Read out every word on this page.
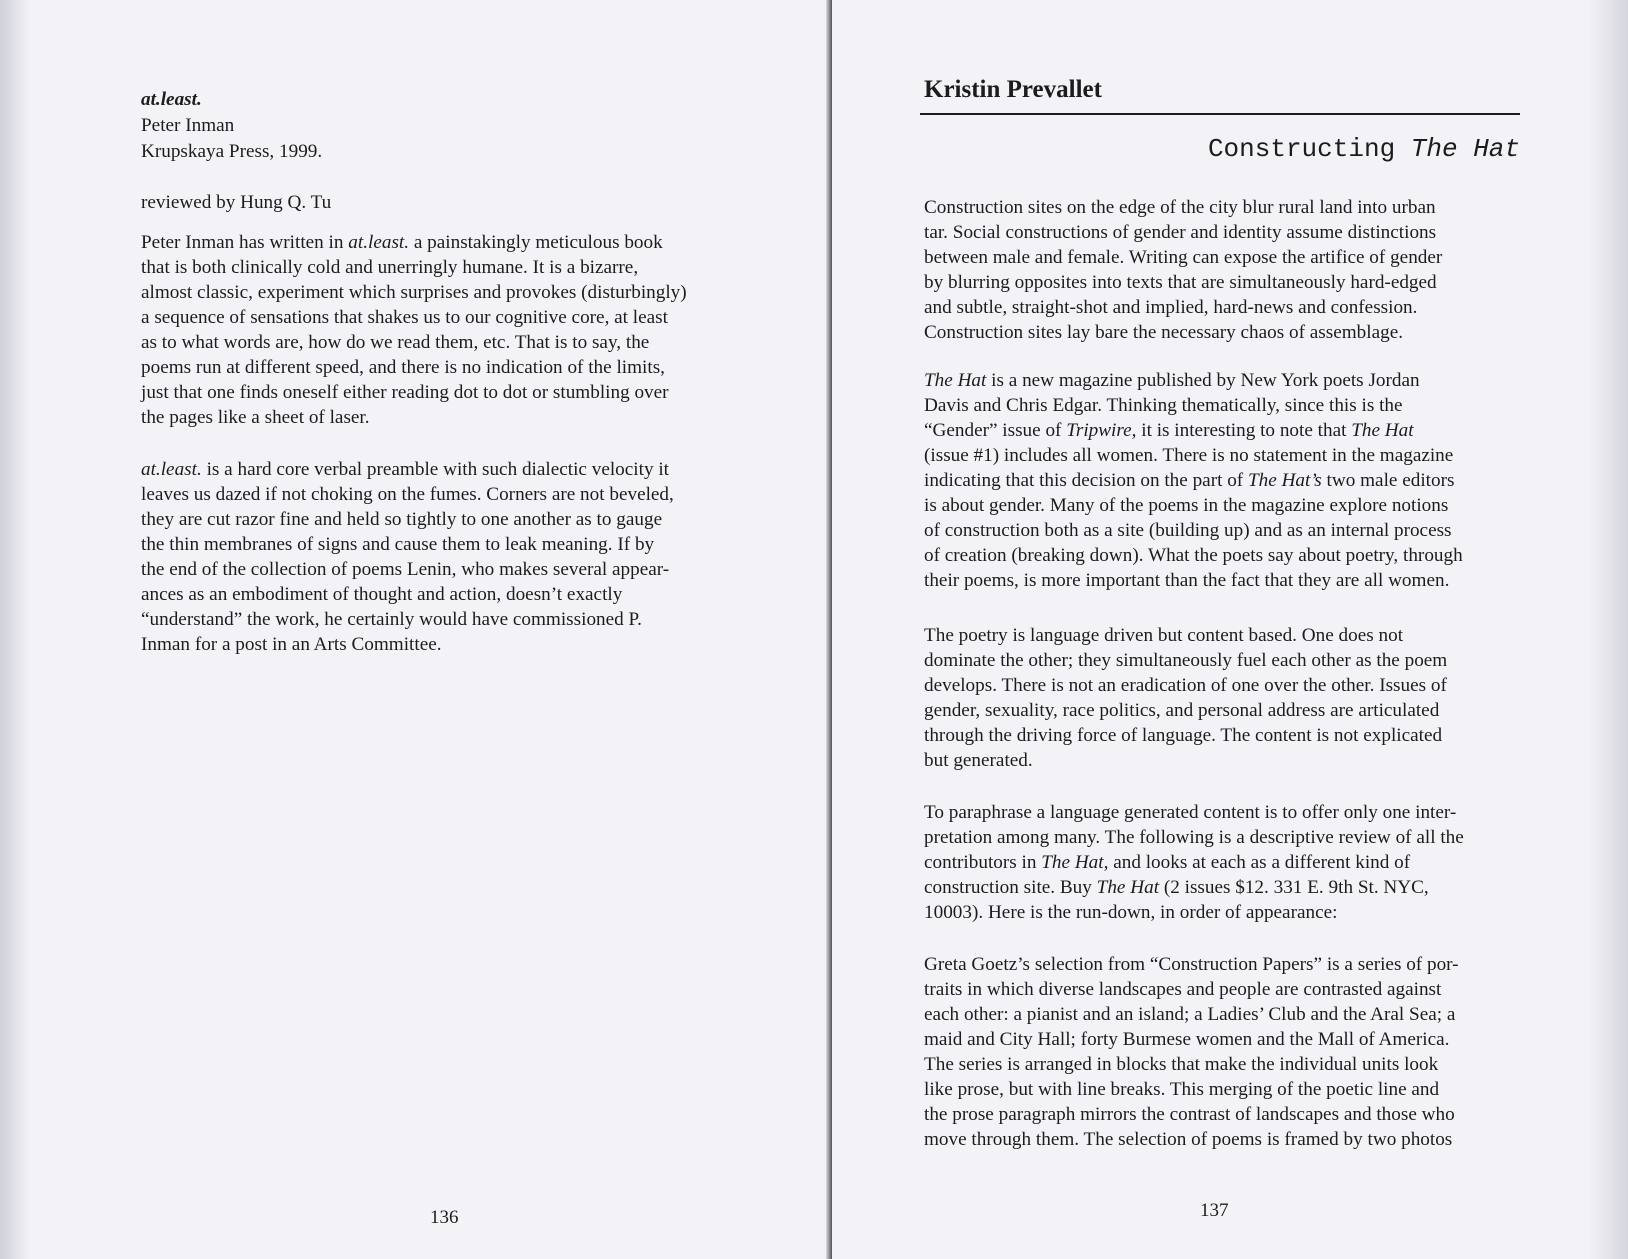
at.least.
Peter Inman
Krupskaya Press, 1999.
reviewed by Hung Q. Tu
Peter Inman has written in at.least. a painstakingly meticulous book
that is both clinically cold and unerringly humane. It is a bizarre,
almost classic, experiment which surprises and provokes (disturbingly)
a sequence of sensations that shakes us to our cognitive core, at least
as to what words are, how do we read them, etc. That is to say, the
poems run at different speed, and there is no indication of the limits,
just that one finds oneself either reading dot to dot or stumbling over
the pages like a sheet of laser.
at.least. is a hard core verbal preamble with such dialectic velocity it
leaves us dazed if not choking on the fumes. Corners are not beveled,
they are cut razor fine and held so tightly to one another as to gauge
the thin membranes of signs and cause them to leak meaning. If by
the end of the collection of poems Lenin, who makes several appear-
ances as an embodiment of thought and action, doesn’t exactly
“understand” the work, he certainly would have commissioned P.
Inman for a post in an Arts Committee.
136
Kristin Prevallet
Constructing The Hat
Construction sites on the edge of the city blur rural land into urban
tar. Social constructions of gender and identity assume distinctions
between male and female. Writing can expose the artifice of gender
by blurring opposites into texts that are simultaneously hard-edged
and subtle, straight-shot and implied, hard-news and confession.
Construction sites lay bare the necessary chaos of assemblage.
The Hat is a new magazine published by New York poets Jordan
Davis and Chris Edgar. Thinking thematically, since this is the
“Gender” issue of Tripwire, it is interesting to note that The Hat
(issue #1) includes all women. There is no statement in the magazine
indicating that this decision on the part of The Hat’s two male editors
is about gender. Many of the poems in the magazine explore notions
of construction both as a site (building up) and as an internal process
of creation (breaking down). What the poets say about poetry, through
their poems, is more important than the fact that they are all women.
The poetry is language driven but content based. One does not
dominate the other; they simultaneously fuel each other as the poem
develops. There is not an eradication of one over the other. Issues of
gender, sexuality, race politics, and personal address are articulated
through the driving force of language. The content is not explicated
but generated.
To paraphrase a language generated content is to offer only one inter-
pretation among many. The following is a descriptive review of all the
contributors in The Hat, and looks at each as a different kind of
construction site. Buy The Hat (2 issues $12. 331 E. 9th St. NYC,
10003). Here is the run-down, in order of appearance:
Greta Goetz’s selection from “Construction Papers” is a series of por-
traits in which diverse landscapes and people are contrasted against
each other: a pianist and an island; a Ladies’ Club and the Aral Sea; a
maid and City Hall; forty Burmese women and the Mall of America.
The series is arranged in blocks that make the individual units look
like prose, but with line breaks. This merging of the poetic line and
the prose paragraph mirrors the contrast of landscapes and those who
move through them. The selection of poems is framed by two photos
137
